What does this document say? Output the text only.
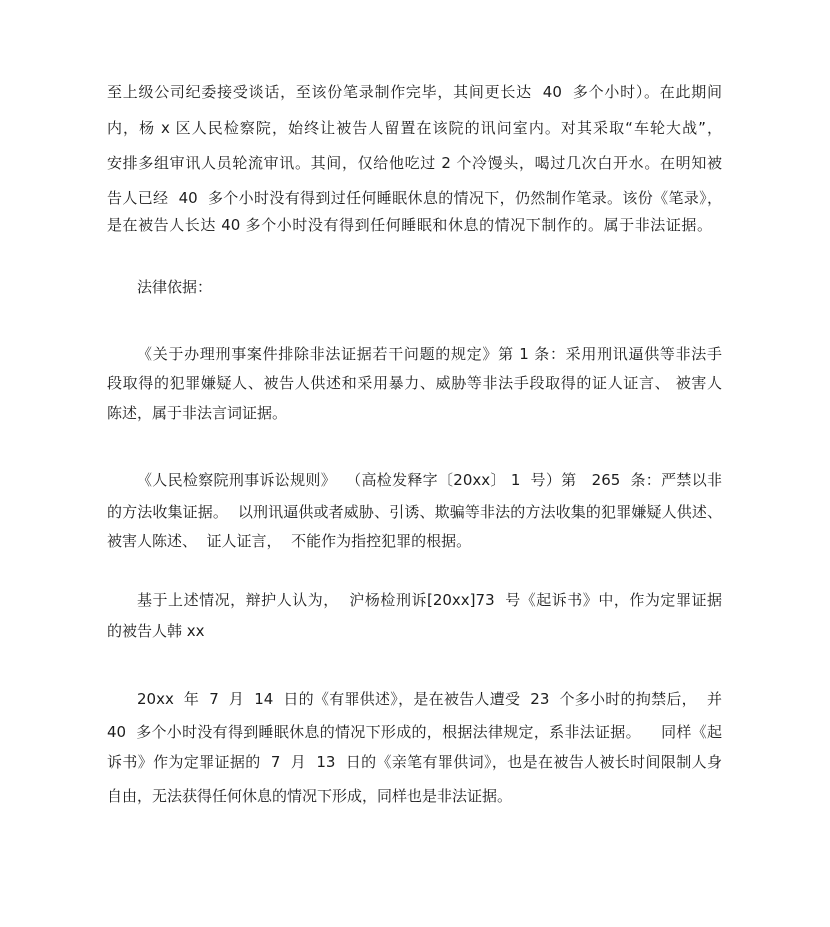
至上级公司纪委接受谈话，至该份笔录制作完毕，其间更长达  40  多个小时）。在此期间
内，杨 x 区人民检察院，始终让被告人留置在该院的讯问室内。对其采取“车轮大战”，
安排多组审讯人员轮流审讯。其间，仅给他吃过 2 个冷馒头，喝过几次白开水。在明知被
告人已经  40  多个小时没有得到过任何睡眠休息的情况下，仍然制作笔录。该份《笔录》，
是在被告人长达 40 多个小时没有得到任何睡眠和休息的情况下制作的。属于非法证据。
法律依据：
《关于办理刑事案件排除非法证据若干问题的规定》第 1 条：采用刑讯逼供等非法手
段取得的犯罪嫌疑人、被告人供述和采用暴力、威胁等非法手段取得的证人证言、 被害人
陈述，属于非法言词证据。
《人民检察院刑事诉讼规则》  （高检发释字〔20xx〕 1  号）第   265  条：严禁以非
的方法收集证据。  以刑讯逼供或者威胁、引诱、欺骗等非法的方法收集的犯罪嫌疑人供述、
被害人陈述、  证人证言，  不能作为指控犯罪的根据。
基于上述情况，辩护人认为，  沪杨检刑诉[20xx]73  号《起诉书》中，作为定罪证据
的被告人韩 xx
20xx  年  7  月  14  日的《有罪供述》，是在被告人遭受  23  个多小时的拘禁后，  并
40  多个小时没有得到睡眠休息的情况下形成的，根据法律规定，系非法证据。    同样《起
诉书》作为定罪证据的  7  月  13  日的《亲笔有罪供词》，也是在被告人被长时间限制人身
自由，无法获得任何休息的情况下形成，同样也是非法证据。
